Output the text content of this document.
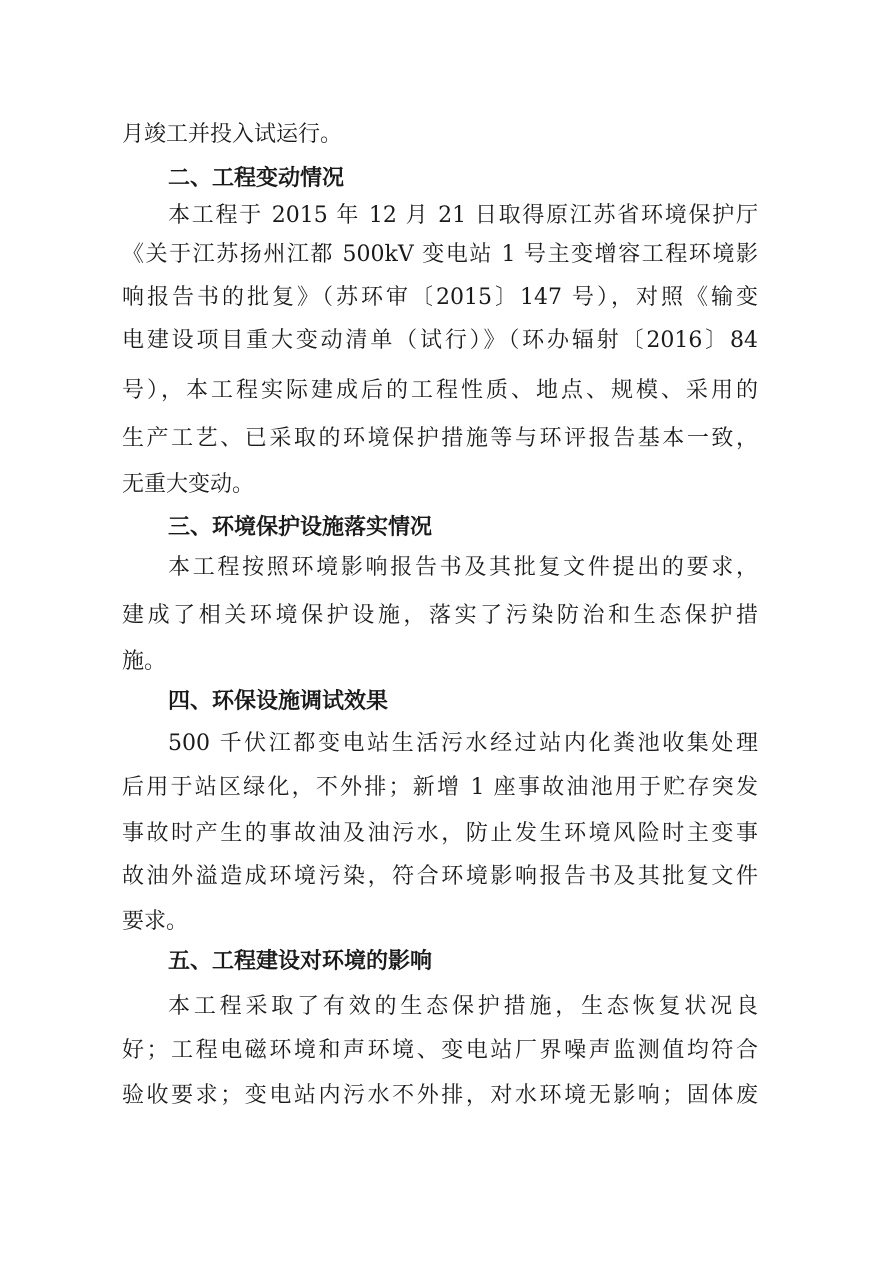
月竣工并投入试运行。
二、工程变动情况
本工程于 2015 年 12 月 21 日取得原江苏省环境保护厅
《关于江苏扬州江都 500kV 变电站 1 号主变增容工程环境影
响报告书的批复》（苏环审〔2015〕147 号），对照《输变
电建设项目重大变动清单（试行）》（环办辐射〔2016〕84
号），本工程实际建成后的工程性质、地点、规模、采用的
生产工艺、已采取的环境保护措施等与环评报告基本一致，
无重大变动。
三、环境保护设施落实情况
本工程按照环境影响报告书及其批复文件提出的要求，
建成了相关环境保护设施，落实了污染防治和生态保护措
施。
四、环保设施调试效果
500 千伏江都变电站生活污水经过站内化粪池收集处理
后用于站区绿化，不外排；新增 1 座事故油池用于贮存突发
事故时产生的事故油及油污水，防止发生环境风险时主变事
故油外溢造成环境污染，符合环境影响报告书及其批复文件
要求。
五、工程建设对环境的影响
本工程采取了有效的生态保护措施，生态恢复状况良
好；工程电磁环境和声环境、变电站厂界噪声监测值均符合
验收要求；变电站内污水不外排，对水环境无影响；固体废
